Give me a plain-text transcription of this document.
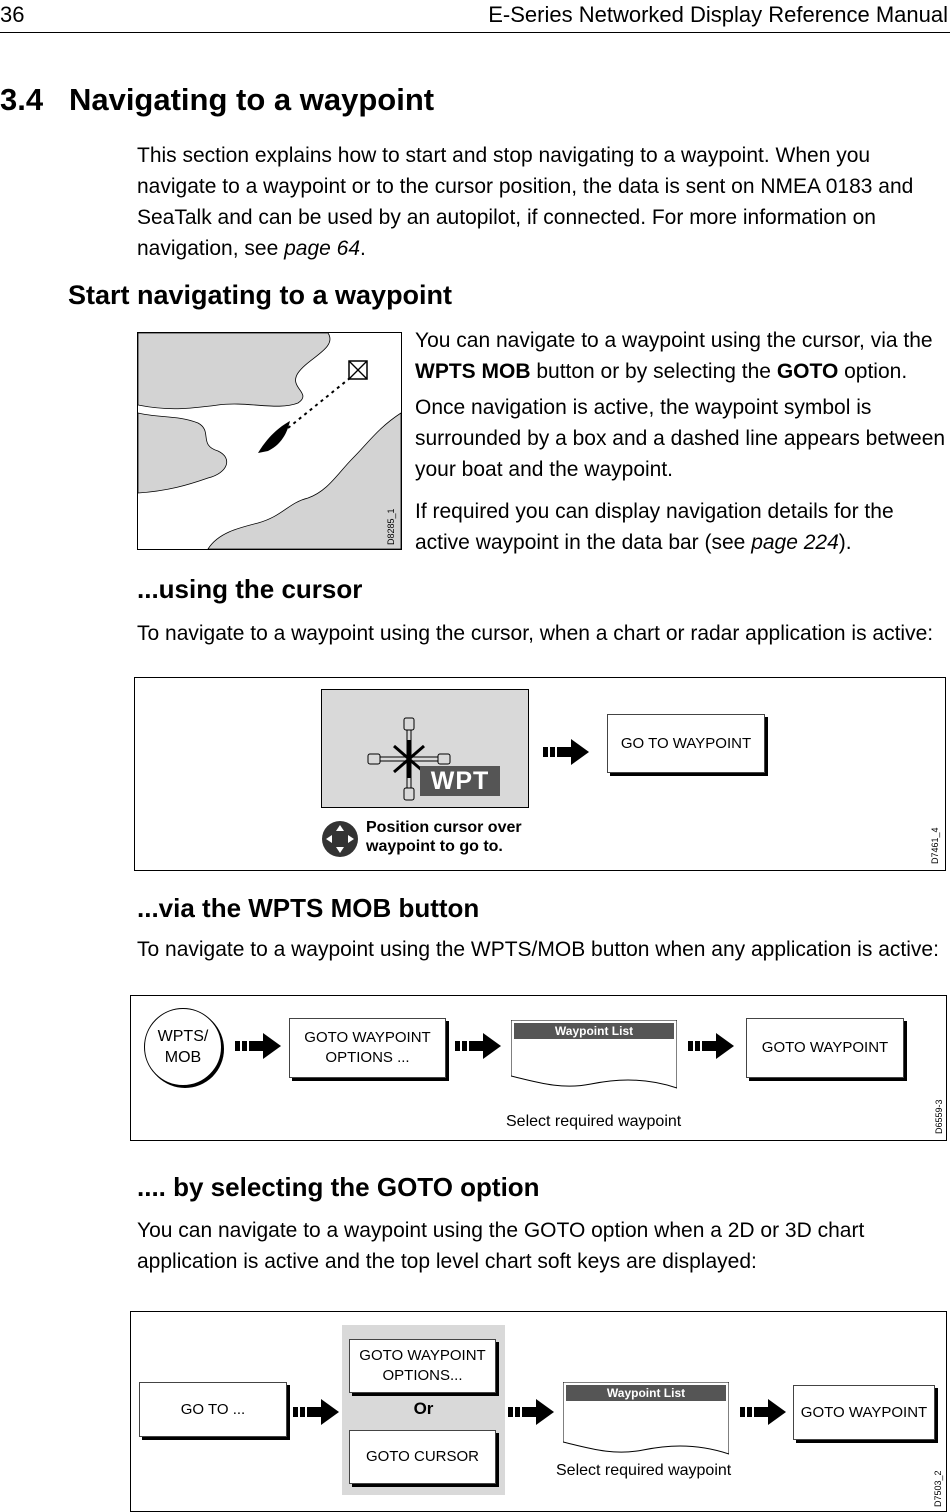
36	E-Series Networked Display Reference Manual
3.4 Navigating to a waypoint
This section explains how to start and stop navigating to a waypoint. When you navigate to a waypoint or to the cursor position, the data is sent on NMEA 0183 and SeaTalk and can be used by an autopilot, if connected. For more information on navigation, see page 64.
Start navigating to a waypoint
D8285_1
You can navigate to a waypoint using the cursor, via the WPTS MOB button or by selecting the GOTO option.
Once navigation is active, the waypoint symbol is surrounded by a box and a dashed line appears between your boat and the waypoint.
If required you can display navigation details for the active waypoint in the data bar (see page 224).
...using the cursor
To navigate to a waypoint using the cursor, when a chart or radar application is active:
WPT
Position cursor over waypoint to go to.
GO TO WAYPOINT
D7461_4
...via the WPTS MOB button
To navigate to a waypoint using the WPTS/MOB button when any application is active:
WPTS/ MOB
GOTO WAYPOINT OPTIONS ...
Waypoint List
GOTO WAYPOINT
Select required waypoint	D6559-3
.... by selecting the GOTO option
You can navigate to a waypoint using the GOTO option when a 2D or 3D chart application is active and the top level chart soft keys are displayed:
GO TO ...
GOTO WAYPOINT OPTIONS...
Or
GOTO CURSOR
Waypoint List
GOTO WAYPOINT
Select required waypoint	D7503_2
